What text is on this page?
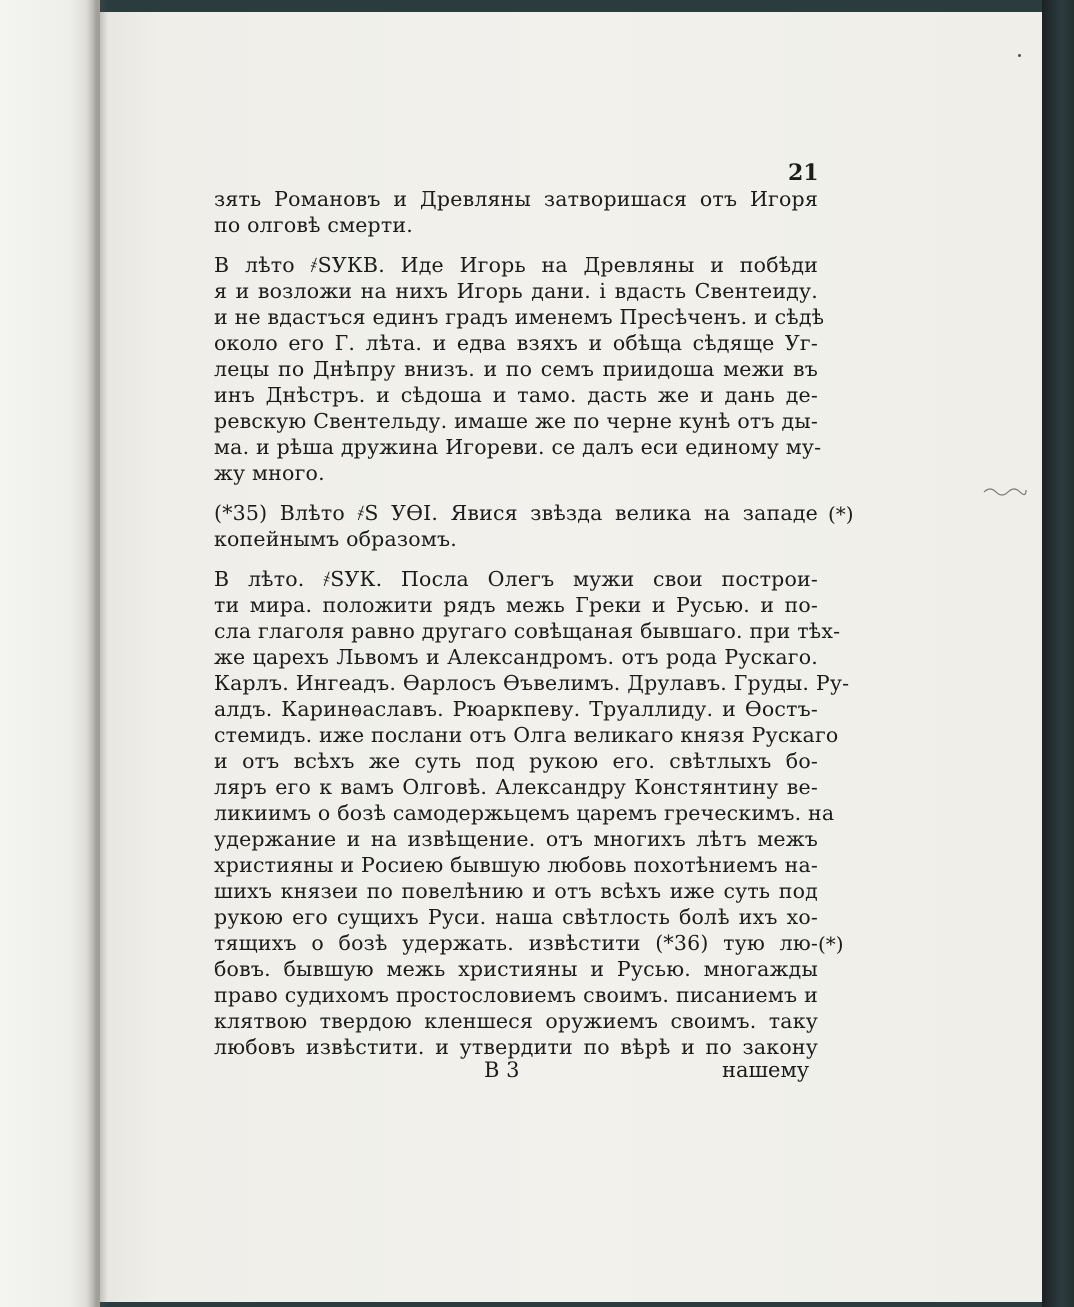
21
зять Романовъ и Древляны затворишася отъ Игоря
по олговѣ смерти.
В лѣто ҂ЅУКВ. Иде Игорь на Древляны и побѣди
я и возложи на нихъ Игорь дани. і вдасть Свентеиду.
и не вдастъся единъ градъ именемъ Пресѣченъ. и сѣдѣ
около его Г. лѣта. и едва взяхъ и обѣща сѣдяще Уг-
лецы по Днѣпру внизъ. и по семъ приидоша межи въ
инъ Днѣстръ. и сѣдоша и тамо. дасть же и дань де-
ревскую Свентельду. имаше же по черне кунѣ отъ ды-
ма. и рѣша дружина Игореви. се далъ еси единому му-
жу много.
(*35) Влѣто ҂Ѕ УѲІ. Явися звѣзда велика на западе
копейнымъ образомъ.
В лѣто. ҂ЅУК. Посла Олегъ мужи свои построи-
ти мира. положити рядъ межь Греки и Русью. и по-
сла глаголя равно другаго совѣщаная бывшаго. при тѣх-
же царехъ Львомъ и Александромъ. отъ рода Рускаго.
Карлъ. Ингеадъ. Ѳарлосъ Ѳъвелимъ. Друлавъ. Груды. Ру-
алдъ. Каринѳаславъ. Рюаркпеву. Труаллиду. и Ѳостъ-
стемидъ. иже послани отъ Олга великаго князя Рускаго
и отъ всѣхъ же суть под рукою его. свѣтлыхъ бо-
ляръ его к вамъ Олговѣ. Александру Констянтину ве-
ликиимъ о бозѣ самодержьцемъ царемъ греческимъ. на
удержание и на извѣщение. отъ многихъ лѣтъ межъ
християны и Росиею бывшую любовь похотѣниемъ на-
шихъ князеи по повелѣнию и отъ всѣхъ иже суть под
рукою его сущихъ Руси. наша свѣтлость болѣ ихъ хо-
тящихъ о бозѣ удержать. извѣстити (*36) тую лю-
бовъ. бывшую межь християны и Русью. многажды
право судихомъ простословиемъ своимъ. писаниемъ и
клятвою твердою кленшеся оружиемъ своимъ. таку
любовъ извѣстити. и утвердити по вѣрѣ и по закону
(*)
(*)
В 3	нашему
